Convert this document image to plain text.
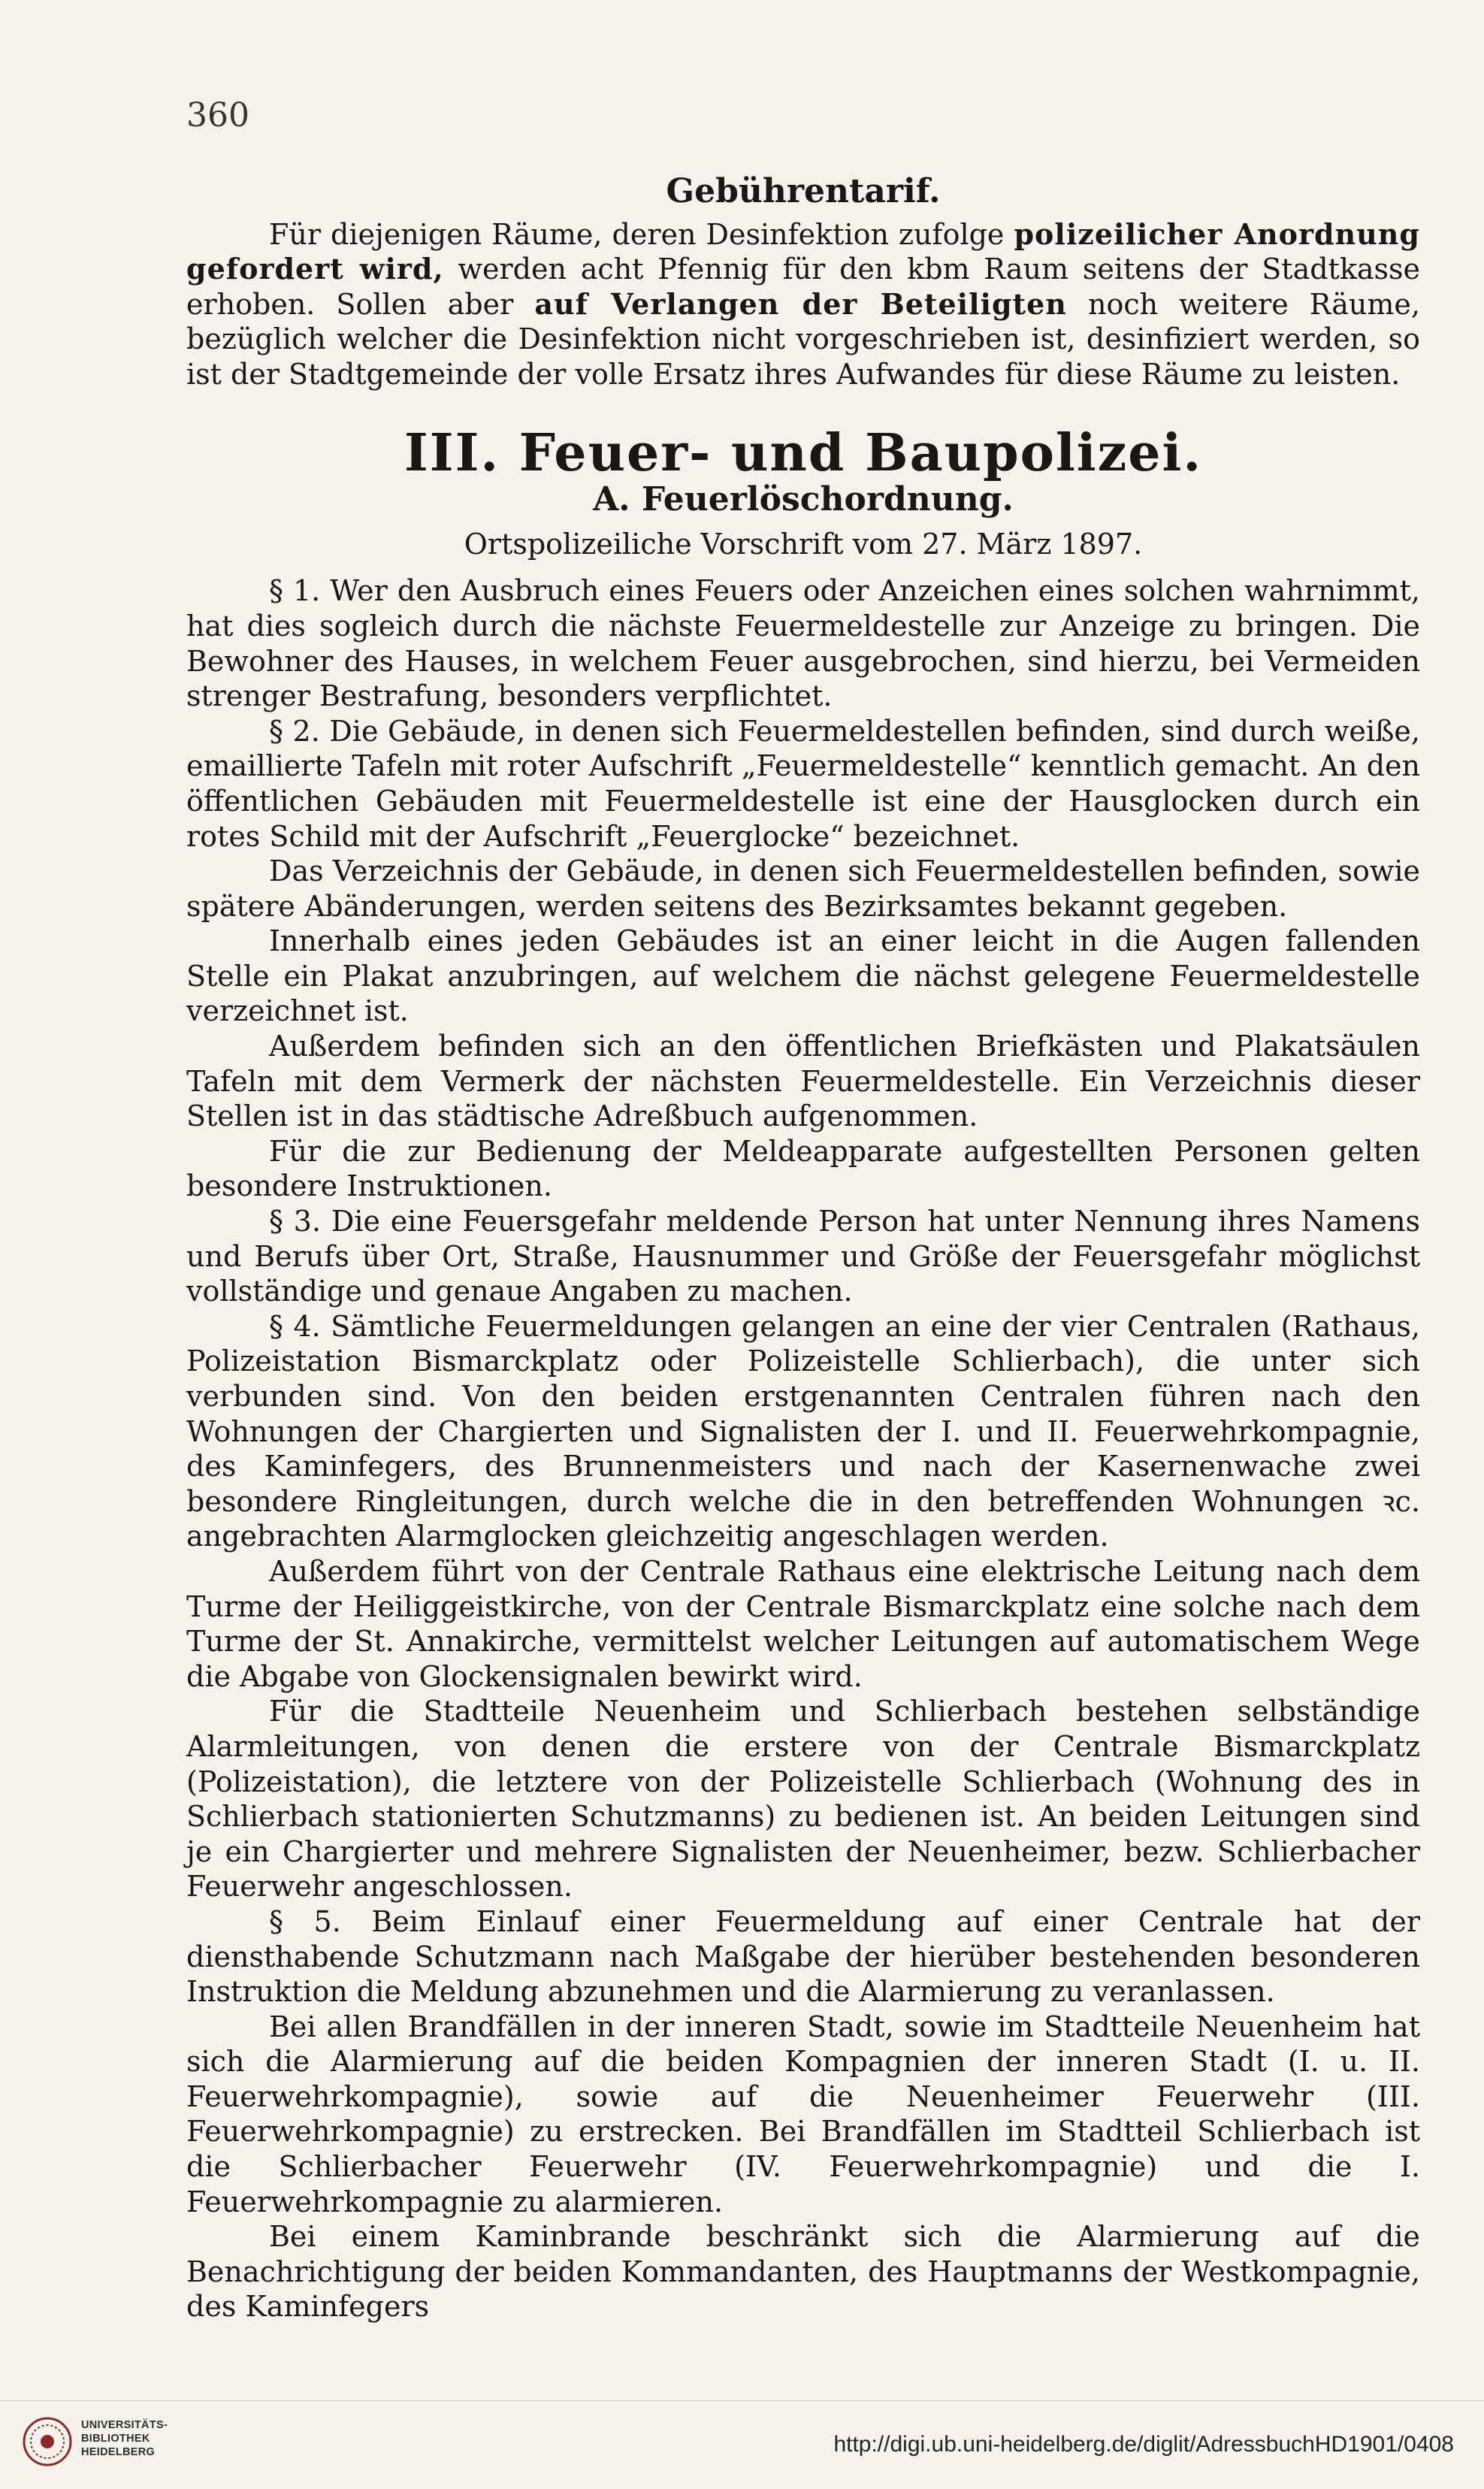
360
Gebührentarif.

Für diejenigen Räume, deren Desinfektion zufolge polizeilicher Anordnung gefordert wird, werden acht Pfennig für den kbm Raum seitens der Stadtkasse erhoben. Sollen aber auf Verlangen der Beteiligten noch weitere Räume, bezüglich welcher die Desinfektion nicht vorgeschrieben ist, desinfiziert werden, so ist der Stadtgemeinde der volle Ersatz ihres Aufwandes für diese Räume zu leisten.

III. Feuer- und Baupolizei.
A. Feuerlöschordnung.
Ortspolizeiliche Vorschrift vom 27. März 1897.

§ 1. Wer den Ausbruch eines Feuers oder Anzeichen eines solchen wahrnimmt, hat dies sogleich durch die nächste Feuermeldestelle zur Anzeige zu bringen. Die Bewohner des Hauses, in welchem Feuer ausgebrochen, sind hierzu, bei Vermeiden strenger Bestrafung, besonders verpflichtet.

§ 2. Die Gebäude, in denen sich Feuermeldestellen befinden, sind durch weiße, emaillierte Tafeln mit roter Aufschrift „Feuermeldestelle“ kenntlich gemacht. An den öffentlichen Gebäuden mit Feuermeldestelle ist eine der Hausglocken durch ein rotes Schild mit der Aufschrift „Feuerglocke“ bezeichnet.

Das Verzeichnis der Gebäude, in denen sich Feuermeldestellen befinden, sowie spätere Abänderungen, werden seitens des Bezirksamtes bekannt gegeben.

Innerhalb eines jeden Gebäudes ist an einer leicht in die Augen fallenden Stelle ein Plakat anzubringen, auf welchem die nächst gelegene Feuermeldestelle verzeichnet ist.

Außerdem befinden sich an den öffentlichen Briefkästen und Plakatsäulen Tafeln mit dem Vermerk der nächsten Feuermeldestelle. Ein Verzeichnis dieser Stellen ist in das städtische Adreßbuch aufgenommen.

Für die zur Bedienung der Meldeapparate aufgestellten Personen gelten besondere Instruktionen.

§ 3. Die eine Feuersgefahr meldende Person hat unter Nennung ihres Namens und Berufs über Ort, Straße, Hausnummer und Größe der Feuersgefahr möglichst vollständige und genaue Angaben zu machen.

§ 4. Sämtliche Feuermeldungen gelangen an eine der vier Centralen (Rathaus, Polizeistation Bismarckplatz oder Polizeistelle Schlierbach), die unter sich verbunden sind. Von den beiden erstgenannten Centralen führen nach den Wohnungen der Chargierten und Signalisten der I. und II. Feuerwehrkompagnie, des Kaminfegers, des Brunnenmeisters und nach der Kasernenwache zwei besondere Ringleitungen, durch welche die in den betreffenden Wohnungen ꝛc. angebrachten Alarmglocken gleichzeitig angeschlagen werden.

Außerdem führt von der Centrale Rathaus eine elektrische Leitung nach dem Turme der Heiliggeistkirche, von der Centrale Bismarckplatz eine solche nach dem Turme der St. Annakirche, vermittelst welcher Leitungen auf automatischem Wege die Abgabe von Glockensignalen bewirkt wird.

Für die Stadtteile Neuenheim und Schlierbach bestehen selbständige Alarmleitungen, von denen die erstere von der Centrale Bismarckplatz (Polizeistation), die letztere von der Polizeistelle Schlierbach (Wohnung des in Schlierbach stationierten Schutzmanns) zu bedienen ist. An beiden Leitungen sind je ein Chargierter und mehrere Signalisten der Neuenheimer, bezw. Schlierbacher Feuerwehr angeschlossen.

§ 5. Beim Einlauf einer Feuermeldung auf einer Centrale hat der diensthabende Schutzmann nach Maßgabe der hierüber bestehenden besonderen Instruktion die Meldung abzunehmen und die Alarmierung zu veranlassen.

Bei allen Brandfällen in der inneren Stadt, sowie im Stadtteile Neuenheim hat sich die Alarmierung auf die beiden Kompagnien der inneren Stadt (I. u. II. Feuerwehrkompagnie), sowie auf die Neuenheimer Feuerwehr (III. Feuerwehrkompagnie) zu erstrecken. Bei Brandfällen im Stadtteil Schlierbach ist die Schlierbacher Feuerwehr (IV. Feuerwehrkompagnie) und die I. Feuerwehrkompagnie zu alarmieren.

Bei einem Kaminbrande beschränkt sich die Alarmierung auf die Benachrichtigung der beiden Kommandanten, des Hauptmanns der Westkompagnie, des Kaminfegers

UNIVERSITÄTS-
BIBLIOTHEK
HEIDELBERG	http://digi.ub.uni-heidelberg.de/diglit/AdressbuchHD1901/0408
